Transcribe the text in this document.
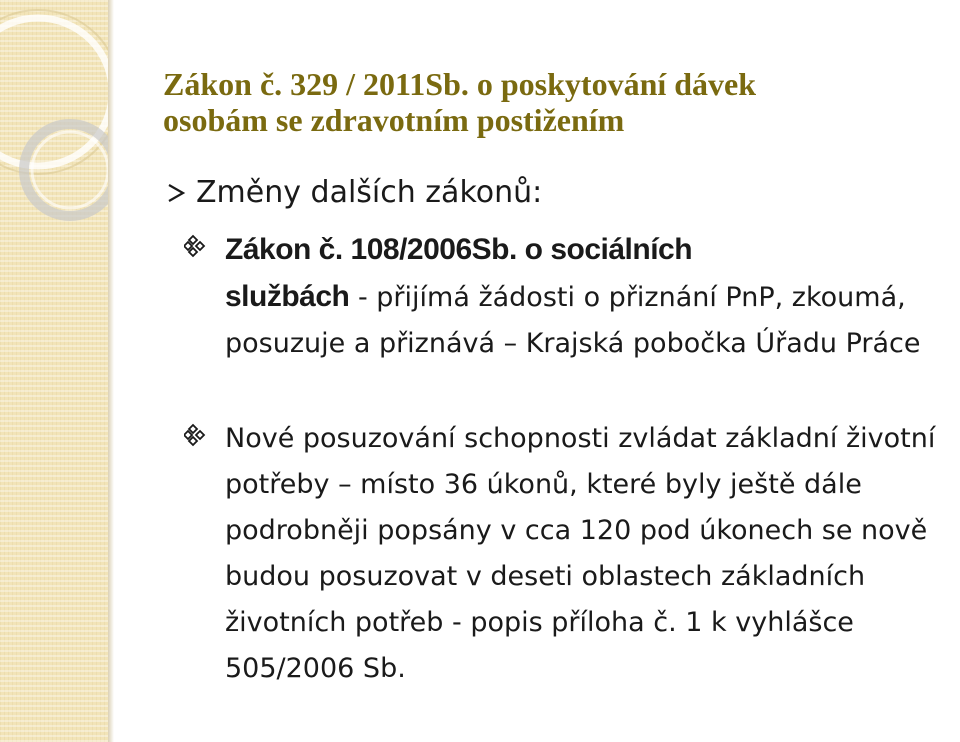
Zákon č. 329 / 2011Sb. o poskytování dávek
osobám se zdravotním postižením
Změny dalších zákonů:
Zákon č. 108/2006Sb. o sociálních
službách - přijímá žádosti o přiznání PnP, zkoumá, posuzuje a přiznává – Krajská pobočka Úřadu Práce
Nové posuzování schopnosti zvládat základní životní potřeby – místo 36 úkonů, které byly ještě dále podrobněji popsány v cca 120 pod úkonech se nově budou posuzovat v deseti oblastech základních životních potřeb - popis příloha č. 1 k vyhlášce 505/2006 Sb.
